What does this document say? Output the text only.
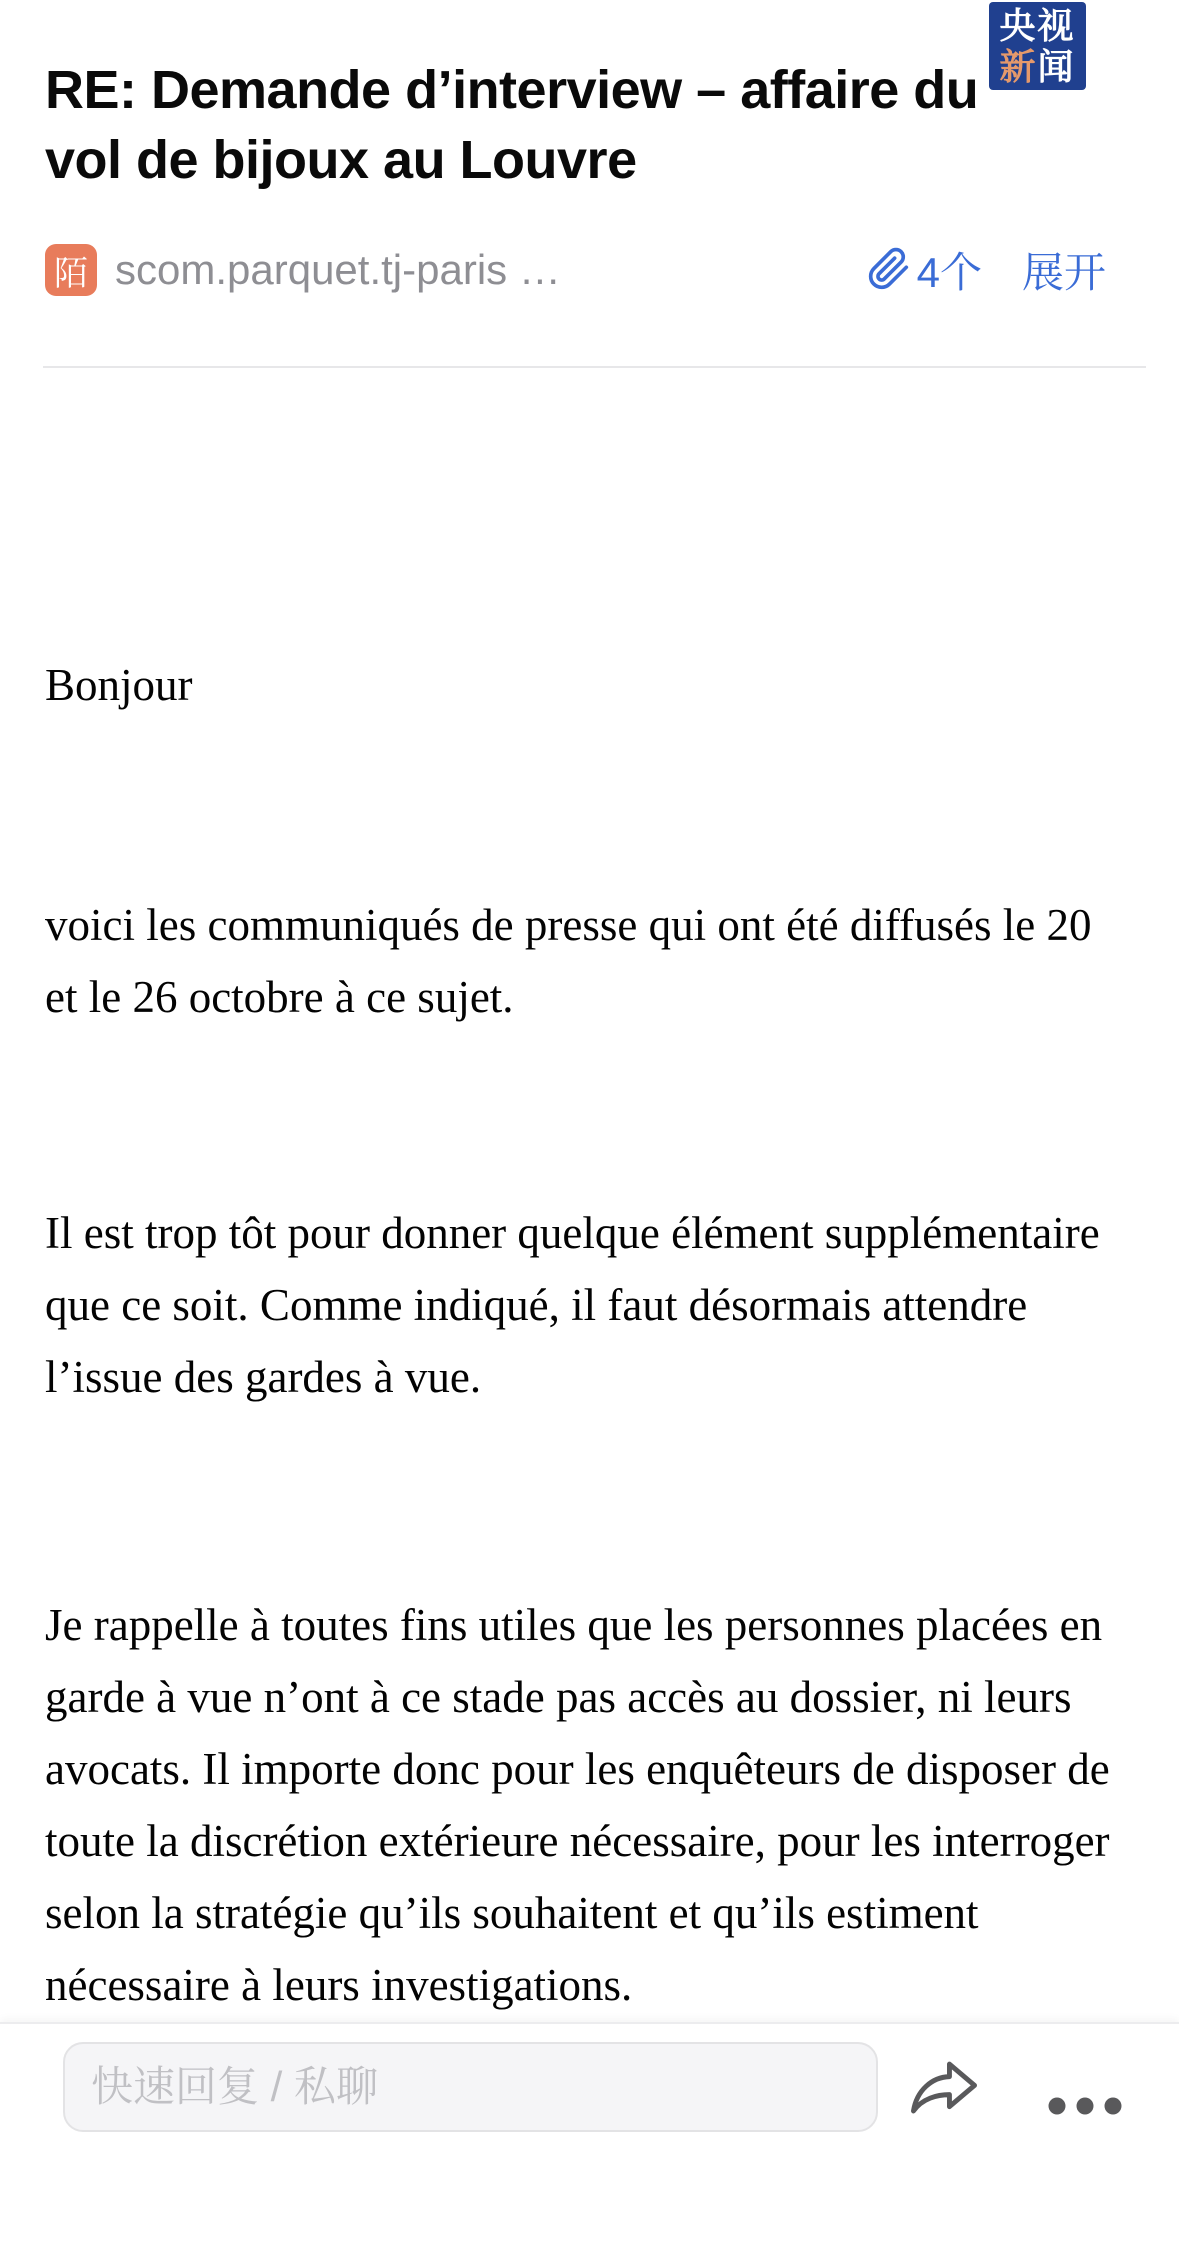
央视
新闻
RE: Demande d’interview – affaire du
vol de bijoux au Louvre
陌 scom.parquet.tj-paris …	4个 展开

Bonjour

voici les communiqués de presse qui ont été diffusés le 20 et le 26 octobre à ce sujet.

Il est trop tôt pour donner quelque élément supplémentaire que ce soit. Comme indiqué, il faut désormais attendre l’issue des gardes à vue.

Je rappelle à toutes fins utiles que les personnes placées en garde à vue n’ont à ce stade pas accès au dossier, ni leurs avocats. Il importe donc pour les enquêteurs de disposer de toute la discrétion extérieure nécessaire, pour les interroger selon la stratégie qu’ils souhaitent et qu’ils estiment nécessaire à leurs investigations.

快速回复 / 私聊
